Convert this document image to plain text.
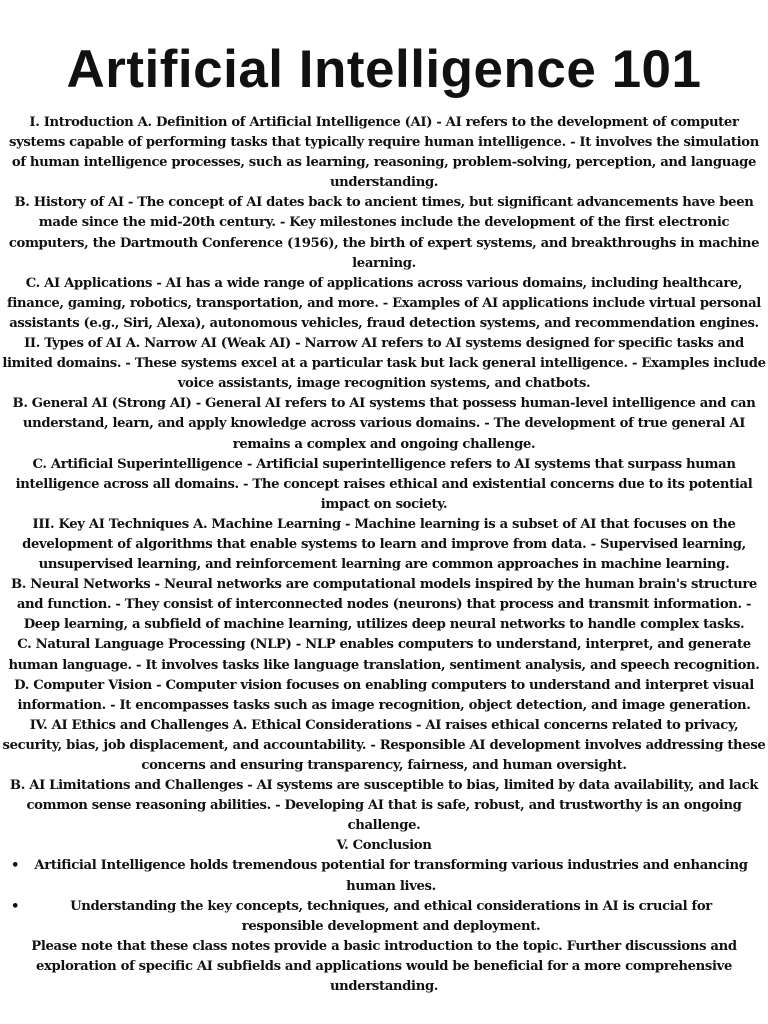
Artificial Intelligence 101

I. Introduction A. Definition of Artificial Intelligence (AI) - AI refers to the development of computer systems capable of performing tasks that typically require human intelligence. - It involves the simulation of human intelligence processes, such as learning, reasoning, problem-solving, perception, and language understanding.

B. History of AI - The concept of AI dates back to ancient times, but significant advancements have been made since the mid-20th century. - Key milestones include the development of the first electronic computers, the Dartmouth Conference (1956), the birth of expert systems, and breakthroughs in machine learning.

C. AI Applications - AI has a wide range of applications across various domains, including healthcare, finance, gaming, robotics, transportation, and more. - Examples of AI applications include virtual personal assistants (e.g., Siri, Alexa), autonomous vehicles, fraud detection systems, and recommendation engines.

II. Types of AI A. Narrow AI (Weak AI) - Narrow AI refers to AI systems designed for specific tasks and limited domains. - These systems excel at a particular task but lack general intelligence. - Examples include voice assistants, image recognition systems, and chatbots.

B. General AI (Strong AI) - General AI refers to AI systems that possess human-level intelligence and can understand, learn, and apply knowledge across various domains. - The development of true general AI remains a complex and ongoing challenge.

C. Artificial Superintelligence - Artificial superintelligence refers to AI systems that surpass human intelligence across all domains. - The concept raises ethical and existential concerns due to its potential impact on society.

III. Key AI Techniques A. Machine Learning - Machine learning is a subset of AI that focuses on the development of algorithms that enable systems to learn and improve from data. - Supervised learning, unsupervised learning, and reinforcement learning are common approaches in machine learning.

B. Neural Networks - Neural networks are computational models inspired by the human brain's structure and function. - They consist of interconnected nodes (neurons) that process and transmit information. - Deep learning, a subfield of machine learning, utilizes deep neural networks to handle complex tasks.

C. Natural Language Processing (NLP) - NLP enables computers to understand, interpret, and generate human language. - It involves tasks like language translation, sentiment analysis, and speech recognition.

D. Computer Vision - Computer vision focuses on enabling computers to understand and interpret visual information. - It encompasses tasks such as image recognition, object detection, and image generation.

IV. AI Ethics and Challenges A. Ethical Considerations - AI raises ethical concerns related to privacy, security, bias, job displacement, and accountability. - Responsible AI development involves addressing these concerns and ensuring transparency, fairness, and human oversight.

B. AI Limitations and Challenges - AI systems are susceptible to bias, limited by data availability, and lack common sense reasoning abilities. - Developing AI that is safe, robust, and trustworthy is an ongoing challenge.

V. Conclusion

• Artificial Intelligence holds tremendous potential for transforming various industries and enhancing human lives.
•	Understanding the key concepts, techniques, and ethical considerations in AI is crucial for responsible development and deployment.

Please note that these class notes provide a basic introduction to the topic. Further discussions and exploration of specific AI subfields and applications would be beneficial for a more comprehensive understanding.
